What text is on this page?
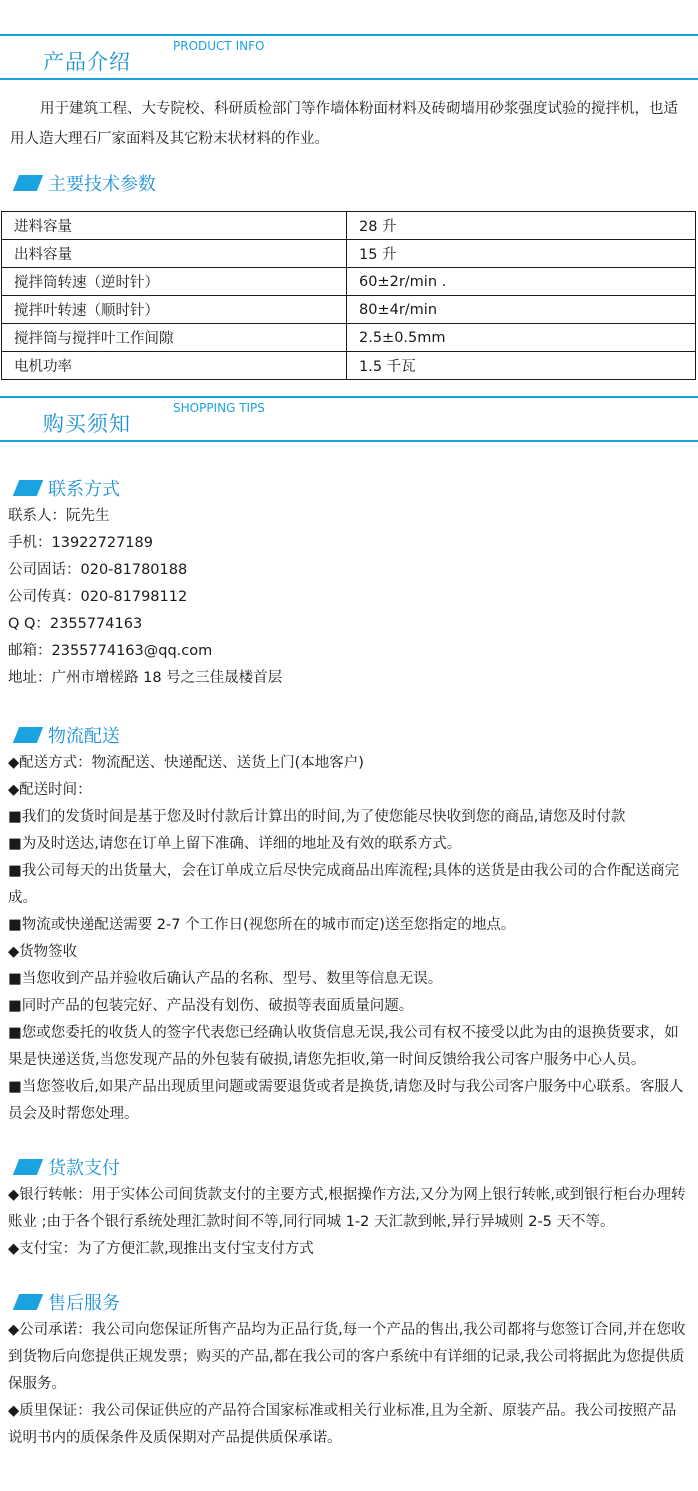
产品介绍
PRODUCT INFO

用于建筑工程、大专院校、科研质检部门等作墙体粉面材料及砖砌墙用砂浆强度试验的搅拌机，也适用人造大理石厂家面料及其它粉末状材料的作业。

主要技术参数
进料容量	28 升
出料容量	15 升
搅拌筒转速（逆时针）	60±2r/min .
搅拌叶转速（顺时针）	80±4r/min
搅拌筒与搅拌叶工作间隙	2.5±0.5mm
电机功率	1.5 千瓦
购买须知
SHOPPING TIPS
联系方式
联系人：阮先生
手机：13922727189
公司固话：020-81780188
公司传真：020-81798112
Q Q：2355774163
邮箱：2355774163@qq.com
地址：广州市增槎路 18 号之三佳晟楼首层
物流配送
◆配送方式：物流配送、快递配送、送货上门(本地客户)
◆配送时间：
■我们的发货时间是基于您及时付款后计算出的时间,为了使您能尽快收到您的商品,请您及时付款
■为及时送达,请您在订单上留下准确、详细的地址及有效的联系方式。
■我公司每天的出货量大，会在订单成立后尽快完成商品出库流程;具体的送货是由我公司的合作配送商完成。
■物流或快递配送需要 2-7 个工作日(视您所在的城市而定)送至您指定的地点。
◆货物签收
■当您收到产品并验收后确认产品的名称、型号、数里等信息无误。
■同时产品的包装完好、产品没有划伤、破损等表面质量问题。
■您或您委托的收货人的签字代表您已经确认收货信息无误,我公司有权不接受以此为由的退换货要求，如果是快递送货,当您发现产品的外包装有破损,请您先拒收,第一时间反馈给我公司客户服务中心人员。
■当您签收后,如果产品出现质里问题或需要退货或者是换货,请您及时与我公司客户服务中心联系。客服人员会及时帮您处理。
货款支付
◆银行转帐：用于实体公司间货款支付的主要方式,根据操作方法,又分为网上银行转帐,或到银行柜台办理转账业 ;由于各个银行系统处理汇款时间不等,同行同城 1-2 天汇款到帐,异行异城则 2-5 天不等。
◆支付宝：为了方便汇款,现推出支付宝支付方式
售后服务
◆公司承诺：我公司向您保证所售产品均为正品行货,每一个产品的售出,我公司都将与您签订合同,并在您收到货物后向您提供正规发票；购买的产品,都在我公司的客户系统中有详细的记录,我公司将据此为您提供质保服务。
◆质里保证：我公司保证供应的产品符合国家标准或相关行业标准,且为全新、原装产品。我公司按照产品说明书内的质保条件及质保期对产品提供质保承诺。
